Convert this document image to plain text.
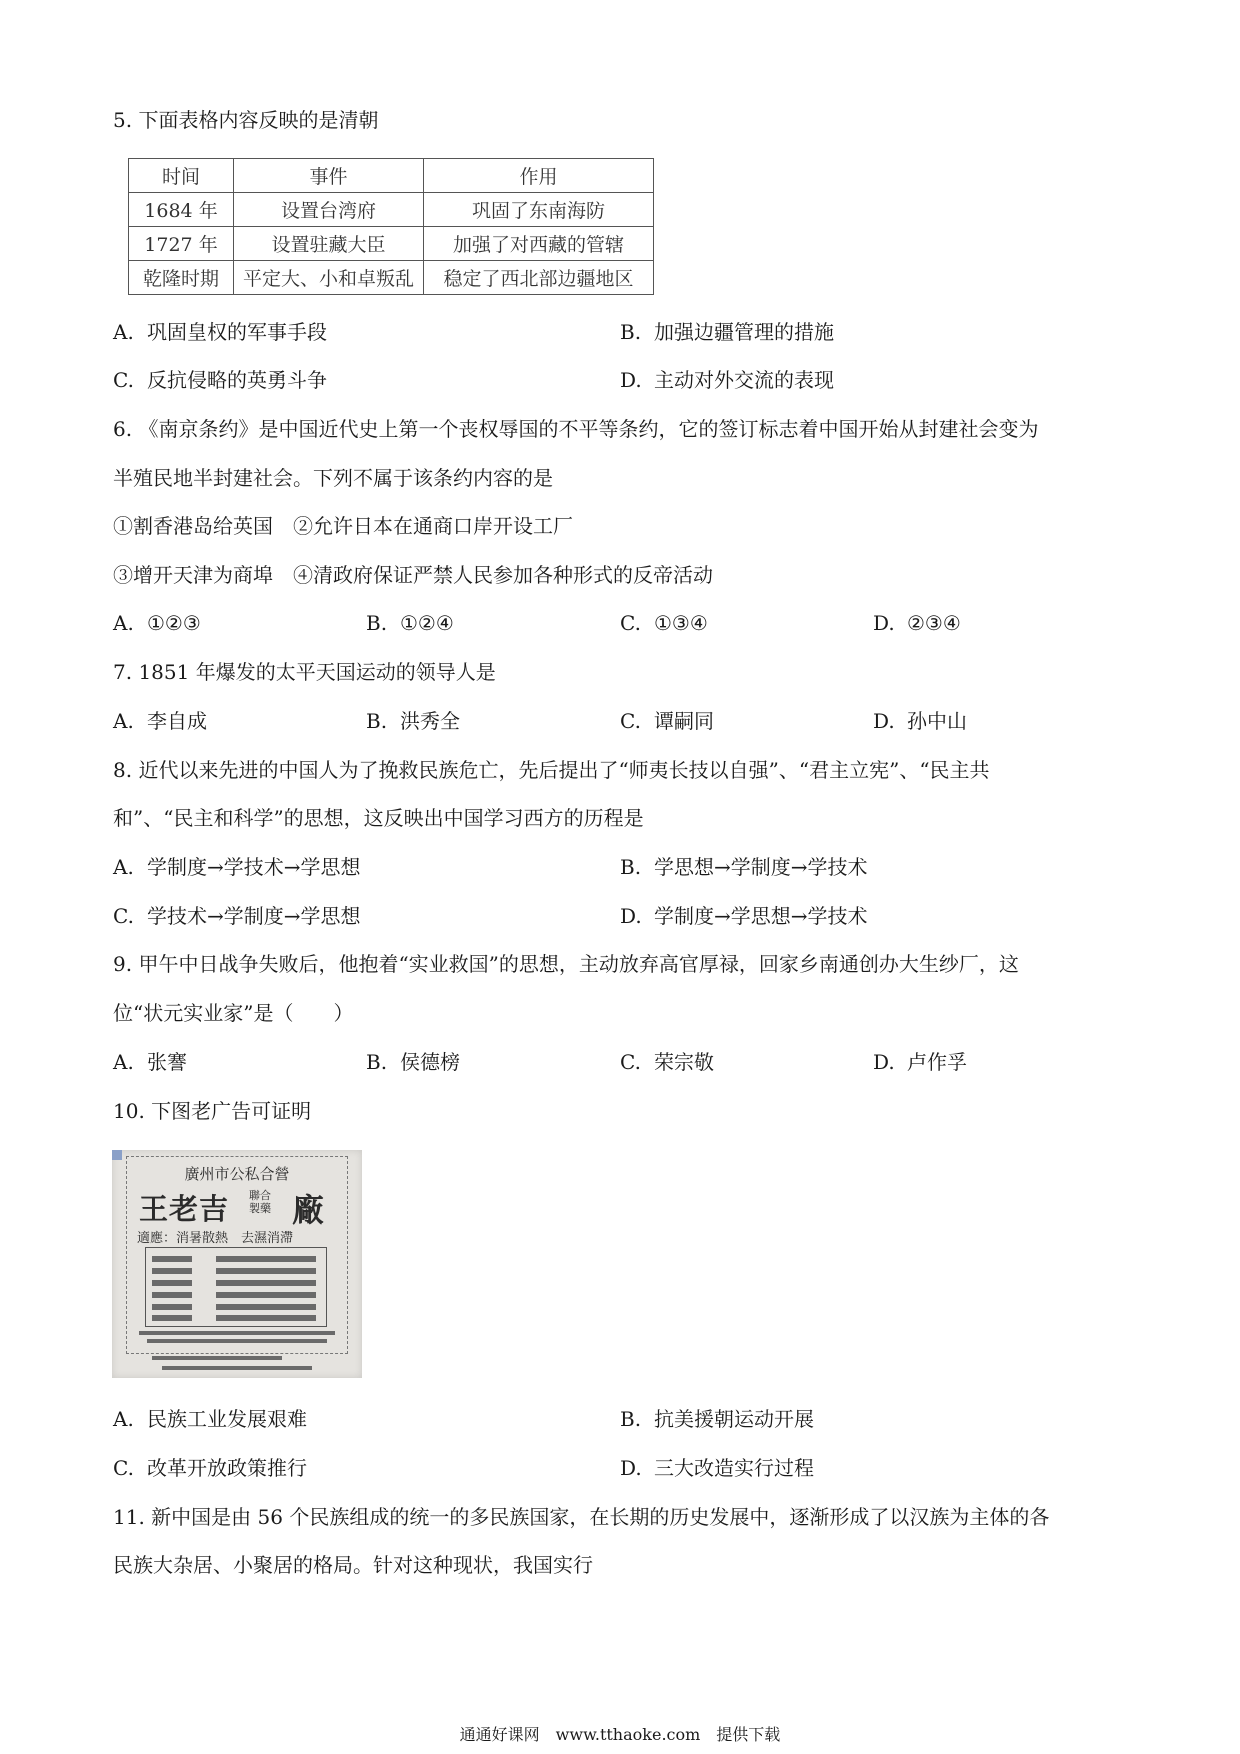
5. 下面表格内容反映的是清朝
时间	事件	作用
1684 年	设置台湾府	巩固了东南海防
1727 年	设置驻藏大臣	加强了对西藏的管辖
乾隆时期	平定大、小和卓叛乱	稳定了西北部边疆地区
A. 巩固皇权的军事手段	B. 加强边疆管理的措施
C. 反抗侵略的英勇斗争	D. 主动对外交流的表现
6. 《南京条约》是中国近代史上第一个丧权辱国的不平等条约，它的签订标志着中国开始从封建社会变为
半殖民地半封建社会。下列不属于该条约内容的是
①割香港岛给英国　②允许日本在通商口岸开设工厂
③增开天津为商埠　④清政府保证严禁人民参加各种形式的反帝活动
A. ①②③	B. ①②④	C. ①③④	D. ②③④
7. 1851 年爆发的太平天国运动的领导人是
A. 李自成	B. 洪秀全	C. 谭嗣同	D. 孙中山
8. 近代以来先进的中国人为了挽救民族危亡，先后提出了“师夷长技以自强”、“君主立宪”、“民主共
和”、“民主和科学”的思想，这反映出中国学习西方的历程是
A. 学制度→学技术→学思想	B. 学思想→学制度→学技术
C. 学技术→学制度→学思想	D. 学制度→学思想→学技术
9. 甲午中日战争失败后，他抱着“实业救国”的思想，主动放弃高官厚禄，回家乡南通创办大生纱厂，这
位“状元实业家”是（　　）
A. 张謇	B. 侯德榜	C. 荣宗敬	D. 卢作孚
10. 下图老广告可证明
廣州市公私合營
王老吉 聯合製藥 廠
適應：消暑散熱　去濕消滯
A. 民族工业发展艰难	B. 抗美援朝运动开展
C. 改革开放政策推行	D. 三大改造实行过程
11. 新中国是由 56 个民族组成的统一的多民族国家，在长期的历史发展中，逐渐形成了以汉族为主体的各
民族大杂居、小聚居的格局。针对这种现状，我国实行
通通好课网　www.tthaoke.com　提供下载
